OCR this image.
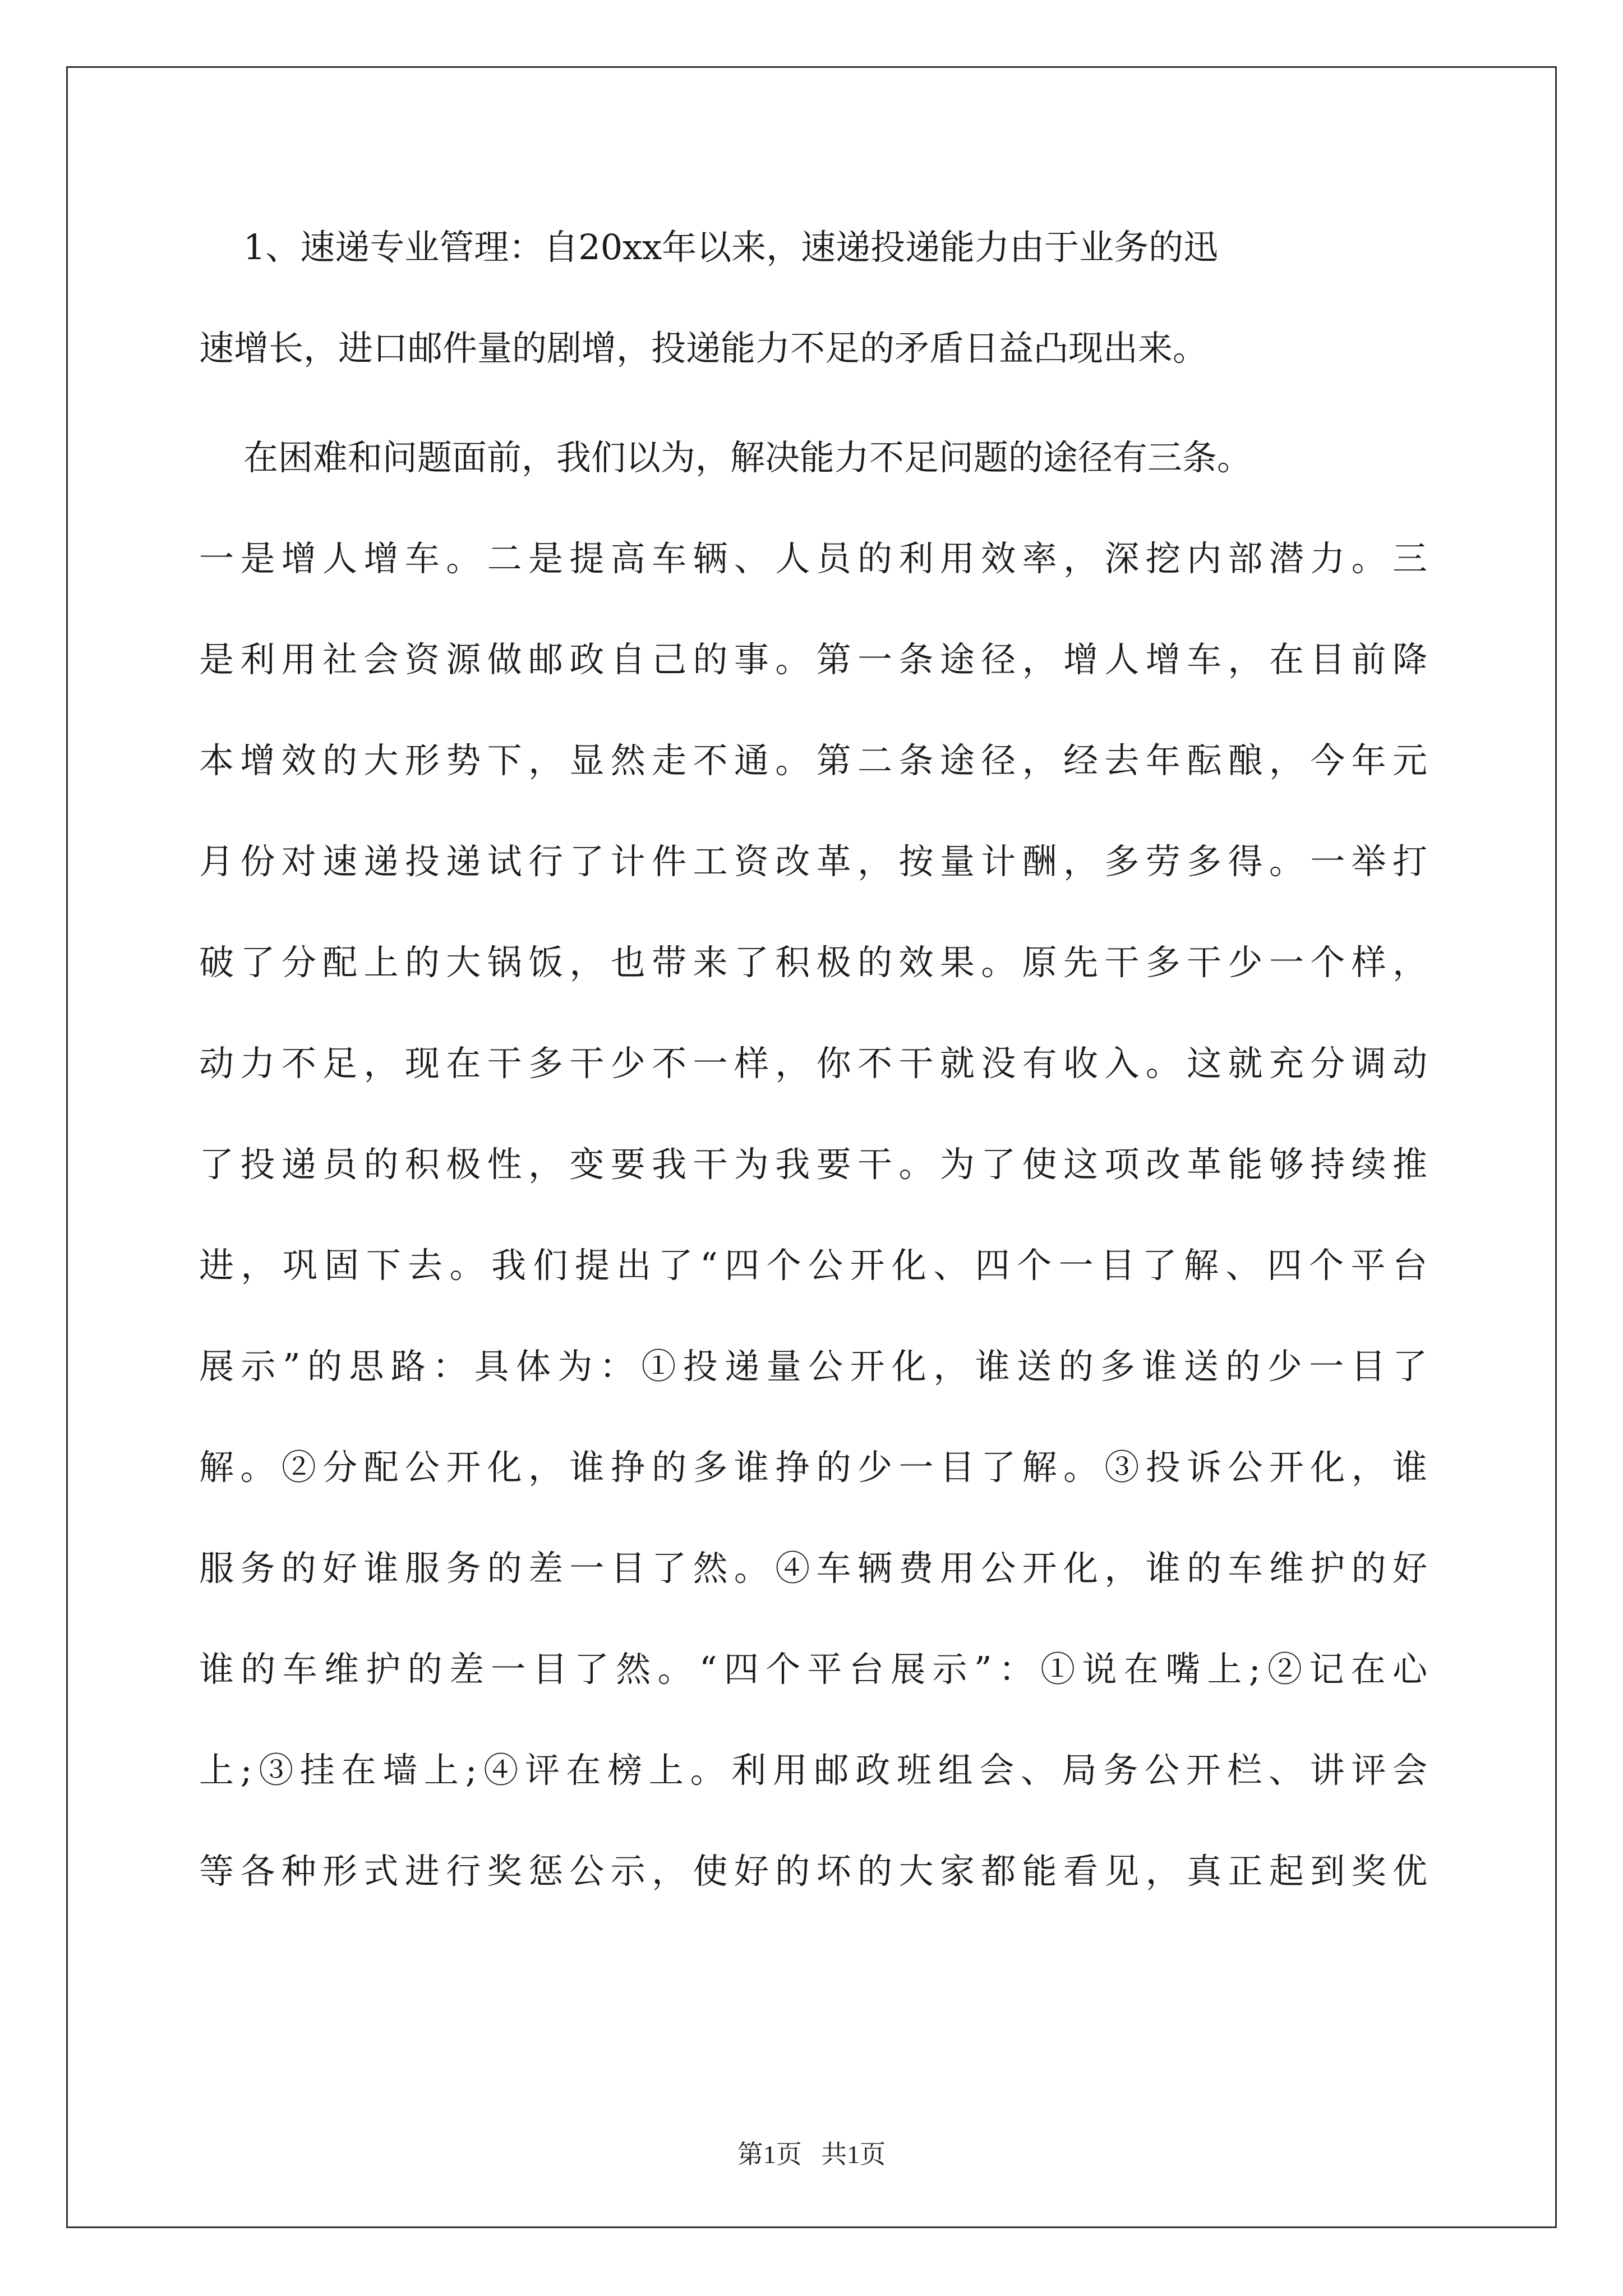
1、速递专业管理：自20xx年以来，速递投递能力由于业务的迅
速增长，进口邮件量的剧增，投递能力不足的矛盾日益凸现出来。
在困难和问题面前，我们以为，解决能力不足问题的途径有三条。
一是增人增车。二是提高车辆、人员的利用效率，深挖内部潜力。三
是利用社会资源做邮政自己的事。第一条途径，增人增车，在目前降
本增效的大形势下，显然走不通。第二条途径，经去年酝酿，今年元
月份对速递投递试行了计件工资改革，按量计酬，多劳多得。一举打
破了分配上的大锅饭，也带来了积极的效果。原先干多干少一个样，
动力不足，现在干多干少不一样，你不干就没有收入。这就充分调动
了投递员的积极性，变要我干为我要干。为了使这项改革能够持续推
进，巩固下去。我们提出了“四个公开化、四个一目了解、四个平台
展示”的思路：具体为：①投递量公开化，谁送的多谁送的少一目了
解。②分配公开化，谁挣的多谁挣的少一目了解。③投诉公开化，谁
服务的好谁服务的差一目了然。④车辆费用公开化，谁的车维护的好
谁的车维护的差一目了然。“四个平台展示”：①说在嘴上;②记在心
上;③挂在墙上;④评在榜上。利用邮政班组会、局务公开栏、讲评会
等各种形式进行奖惩公示，使好的坏的大家都能看见，真正起到奖优
第1页   共1页
